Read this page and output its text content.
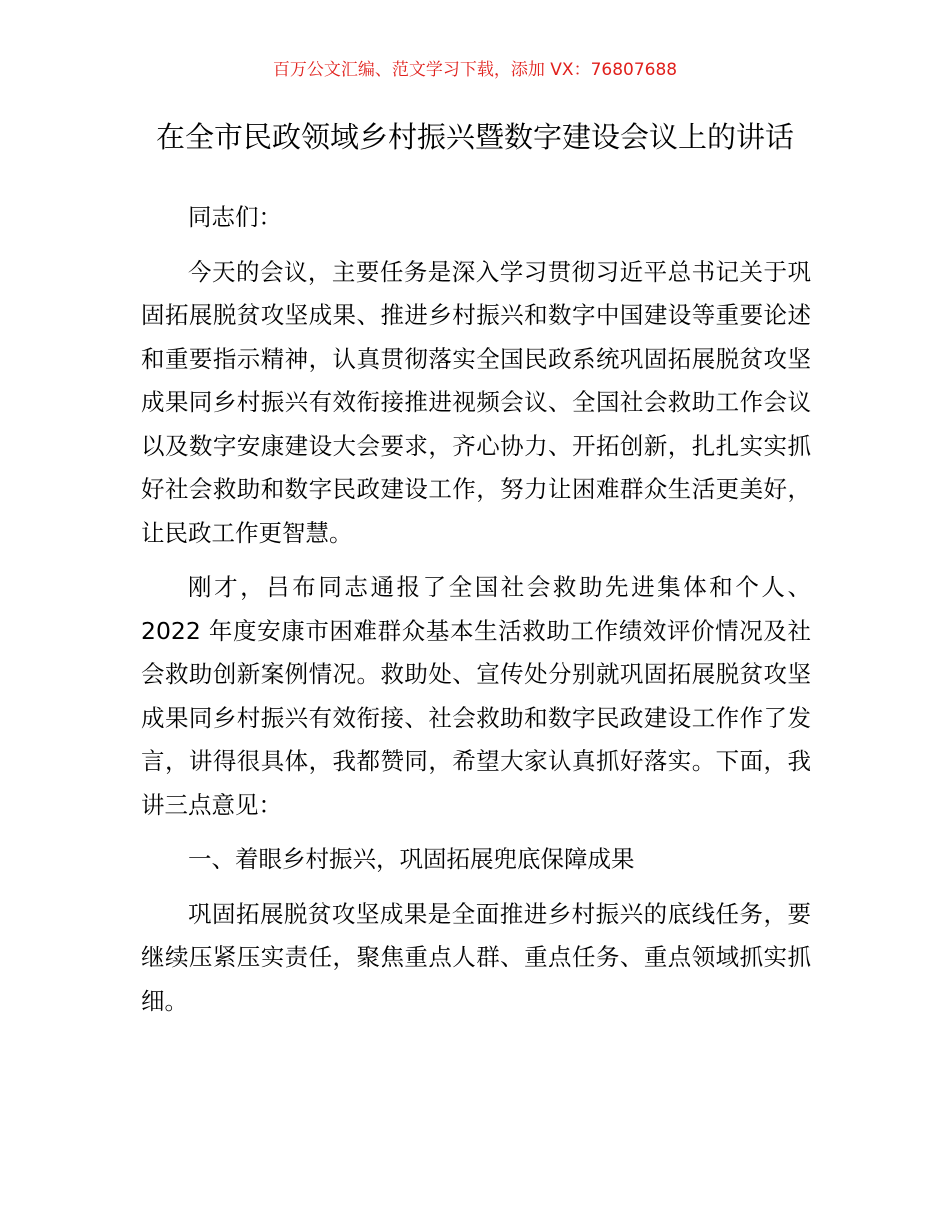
百万公文汇编、范文学习下载，添加 VX：76807688
在全市民政领域乡村振兴暨数字建设会议上的讲话

同志们：

今天的会议，主要任务是深入学习贯彻习近平总书记关于巩固拓展脱贫攻坚成果、推进乡村振兴和数字中国建设等重要论述和重要指示精神，认真贯彻落实全国民政系统巩固拓展脱贫攻坚成果同乡村振兴有效衔接推进视频会议、全国社会救助工作会议以及数字安康建设大会要求，齐心协力、开拓创新，扎扎实实抓好社会救助和数字民政建设工作，努力让困难群众生活更美好，让民政工作更智慧。

刚才，吕布同志通报了全国社会救助先进集体和个人、2022 年度安康市困难群众基本生活救助工作绩效评价情况及社会救助创新案例情况。救助处、宣传处分别就巩固拓展脱贫攻坚成果同乡村振兴有效衔接、社会救助和数字民政建设工作作了发言，讲得很具体，我都赞同，希望大家认真抓好落实。下面，我讲三点意见：

一、着眼乡村振兴，巩固拓展兜底保障成果

巩固拓展脱贫攻坚成果是全面推进乡村振兴的底线任务，要继续压紧压实责任，聚焦重点人群、重点任务、重点领域抓实抓细。
